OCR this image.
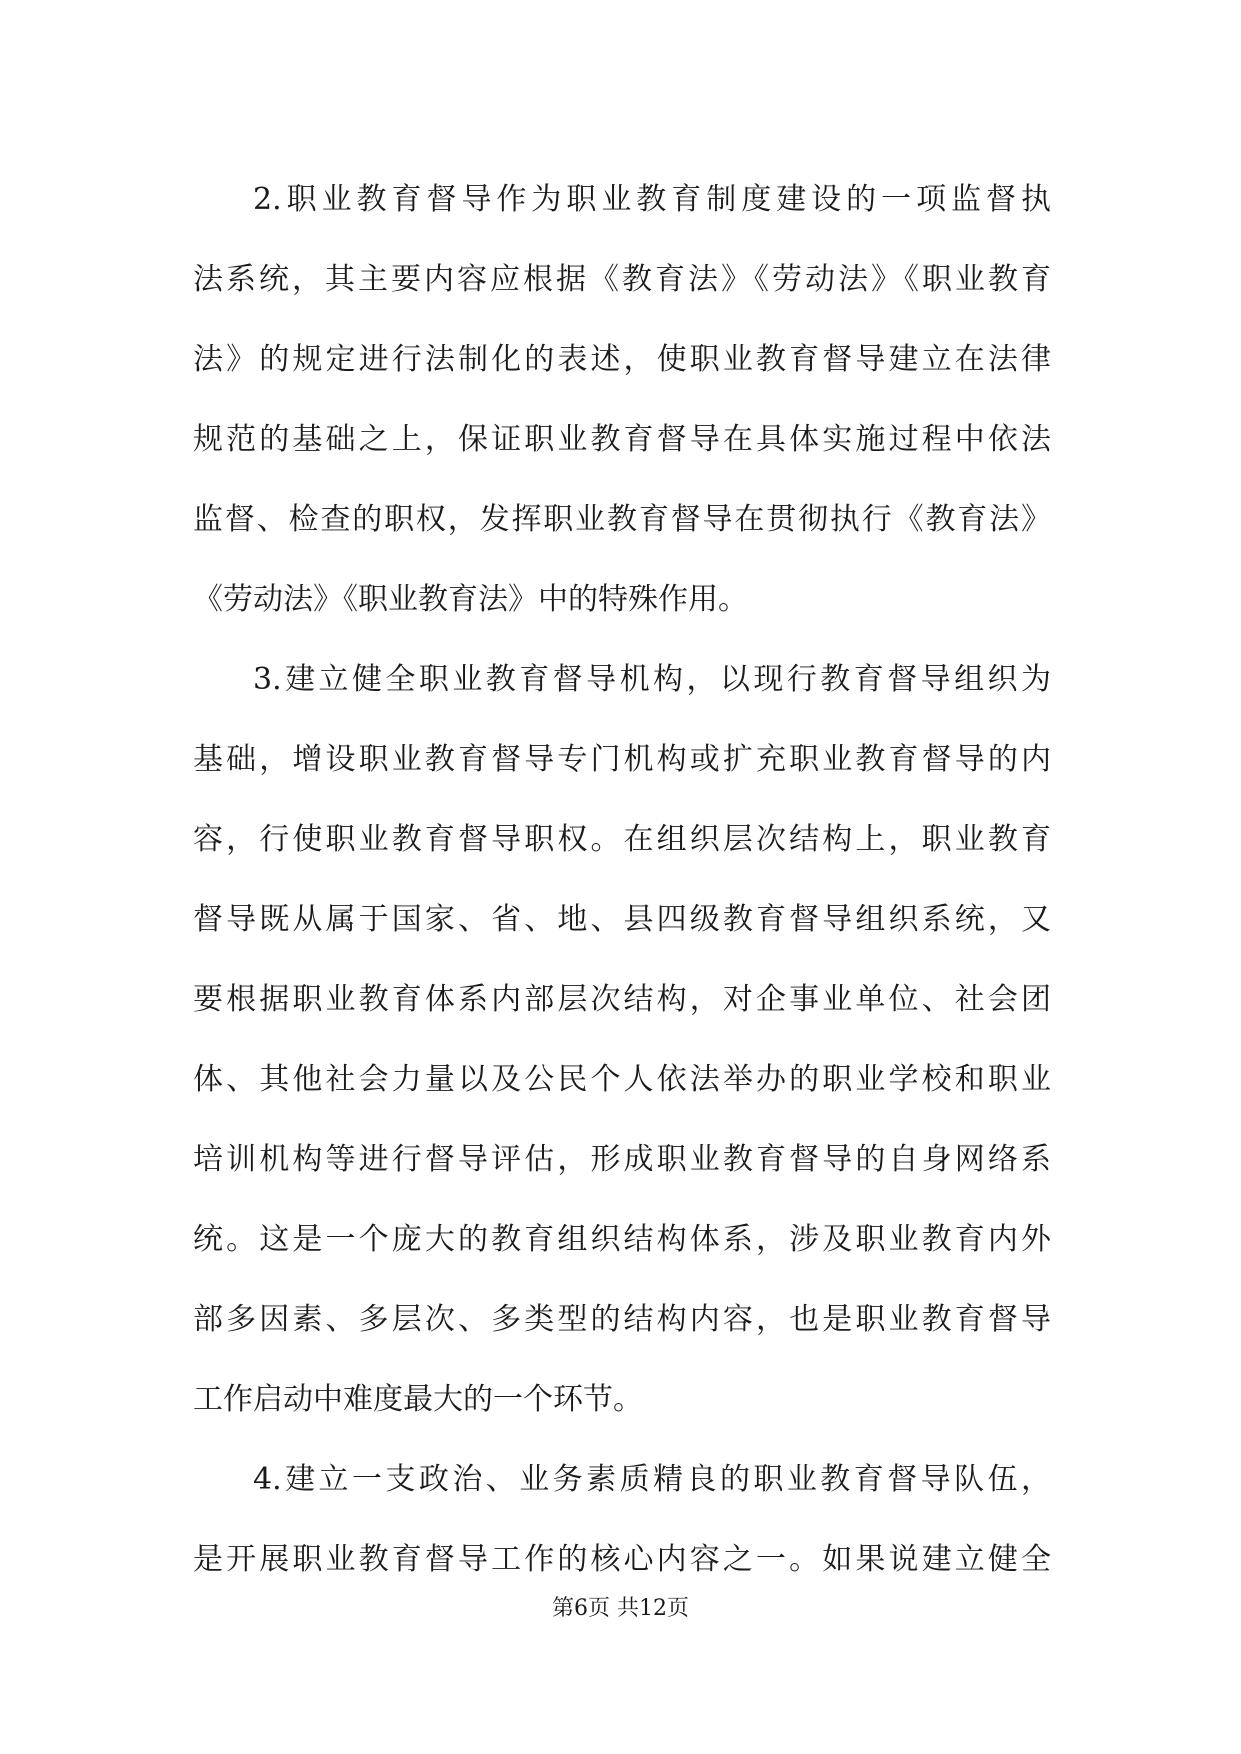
2.职业教育督导作为职业教育制度建设的一项监督执
法系统，其主要内容应根据《教育法》《劳动法》《职业教育
法》的规定进行法制化的表述，使职业教育督导建立在法律
规范的基础之上，保证职业教育督导在具体实施过程中依法
监督、检查的职权，发挥职业教育督导在贯彻执行《教育法》
《劳动法》《职业教育法》中的特殊作用。

3.建立健全职业教育督导机构，以现行教育督导组织为
基础，增设职业教育督导专门机构或扩充职业教育督导的内
容，行使职业教育督导职权。在组织层次结构上，职业教育
督导既从属于国家、省、地、县四级教育督导组织系统，又
要根据职业教育体系内部层次结构，对企事业单位、社会团
体、其他社会力量以及公民个人依法举办的职业学校和职业
培训机构等进行督导评估，形成职业教育督导的自身网络系
统。这是一个庞大的教育组织结构体系，涉及职业教育内外
部多因素、多层次、多类型的结构内容，也是职业教育督导
工作启动中难度最大的一个环节。

4.建立一支政治、业务素质精良的职业教育督导队伍，
是开展职业教育督导工作的核心内容之一。如果说建立健全

第6页 共12页
